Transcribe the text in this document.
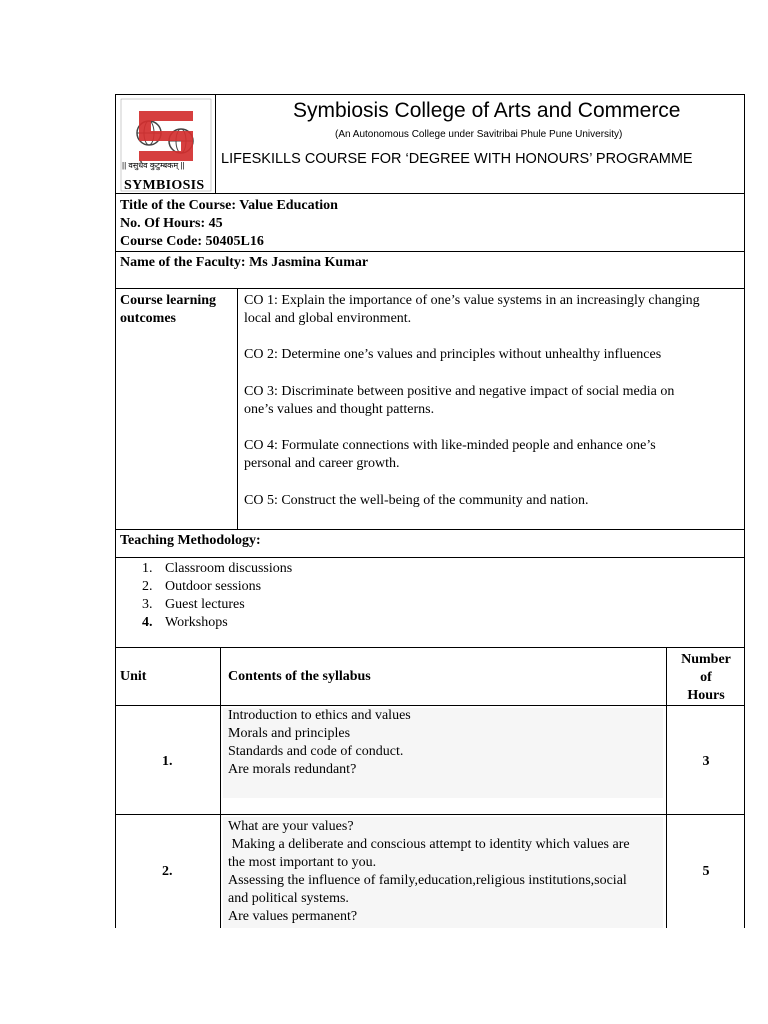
|| वसुधैव कुटुम्बकम् ||
SYMBIOSIS
Symbiosis College of Arts and Commerce
(An Autonomous College under Savitribai Phule Pune University)
LIFESKILLS COURSE FOR ‘DEGREE WITH HONOURS’ PROGRAMME
Title of the Course: Value Education
No. Of Hours: 45
Course Code: 50405L16
Name of the Faculty: Ms Jasmina Kumar
Course learning
outcomes
CO 1: Explain the importance of one’s value systems in an increasingly changing
local and global environment.
CO 2: Determine one’s values and principles without unhealthy influences
CO 3: Discriminate between positive and negative impact of social media on
one’s values and thought patterns.
CO 4: Formulate connections with like-minded people and enhance one’s
personal and career growth.
CO 5: Construct the well-being of the community and nation.
Teaching Methodology:
1. Classroom discussions
2. Outdoor sessions
3. Guest lectures
4. Workshops
Unit	Contents of the syllabus
Number
of
Hours
1.
Introduction to ethics and values
Morals and principles
Standards and code of conduct.
Are morals redundant?
3
2.
What are your values?
Making a deliberate and conscious attempt to identity which values are
the most important to you.
Assessing the influence of family,education,religious institutions,social
and political systems.
Are values permanent?
5
